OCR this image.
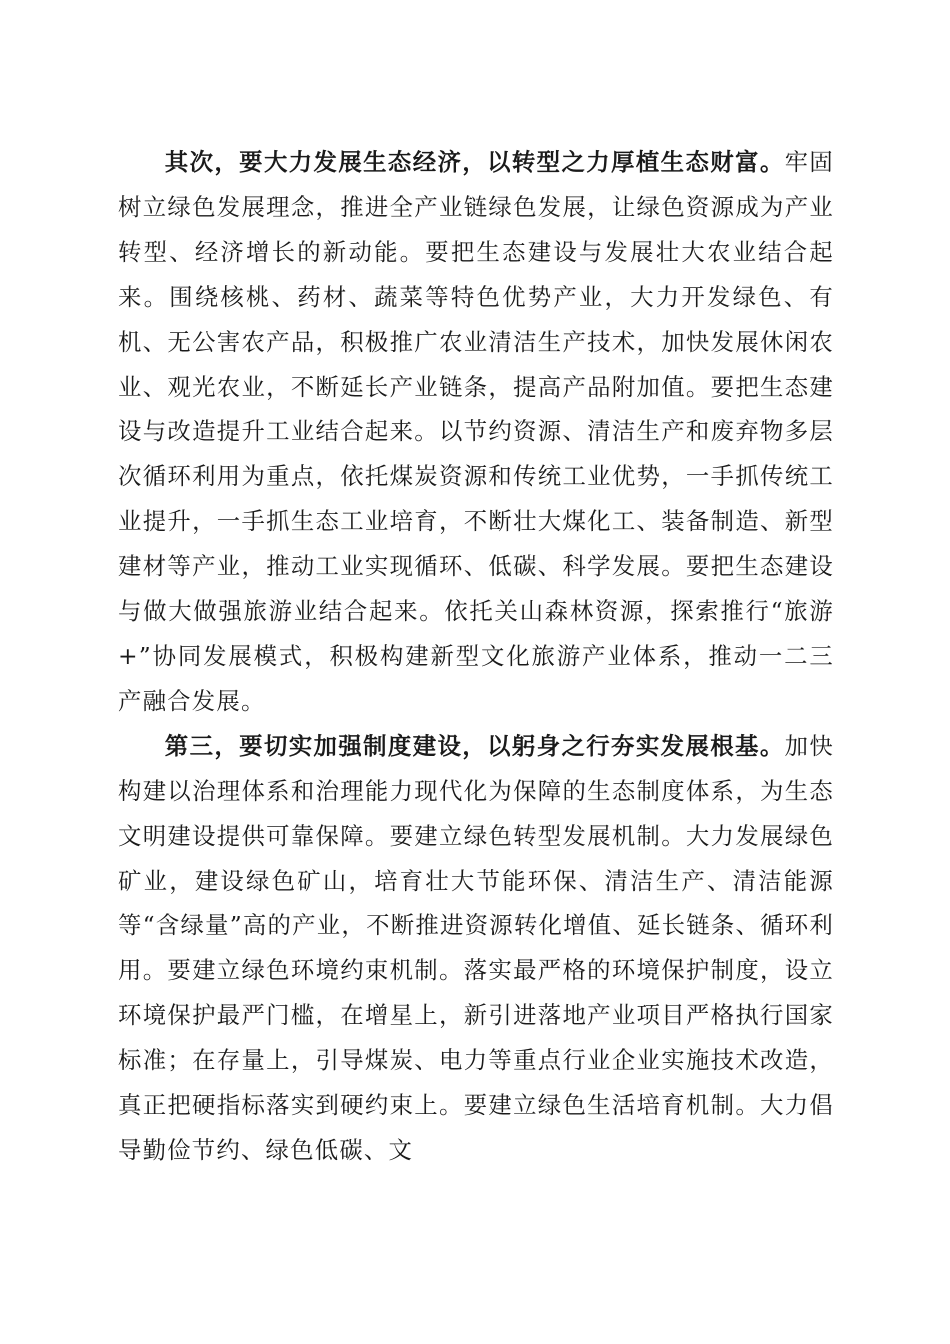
其次，要大力发展生态经济，以转型之力厚植生态财富。牢固树立绿色发展理念，推进全产业链绿色发展，让绿色资源成为产业转型、经济增长的新动能。要把生态建设与发展壮大农业结合起来。围绕核桃、药材、蔬菜等特色优势产业，大力开发绿色、有机、无公害农产品，积极推广农业清洁生产技术，加快发展休闲农业、观光农业，不断延长产业链条，提高产品附加值。要把生态建设与改造提升工业结合起来。以节约资源、清洁生产和废弃物多层次循环利用为重点，依托煤炭资源和传统工业优势，一手抓传统工业提升，一手抓生态工业培育，不断壮大煤化工、装备制造、新型建材等产业，推动工业实现循环、低碳、科学发展。要把生态建设与做大做强旅游业结合起来。依托关山森林资源，探索推行“旅游+”协同发展模式，积极构建新型文化旅游产业体系，推动一二三产融合发展。

第三，要切实加强制度建设，以躬身之行夯实发展根基。加快构建以治理体系和治理能力现代化为保障的生态制度体系，为生态文明建设提供可靠保障。要建立绿色转型发展机制。大力发展绿色矿业，建设绿色矿山，培育壮大节能环保、清洁生产、清洁能源等“含绿量”高的产业，不断推进资源转化增值、延长链条、循环利用。要建立绿色环境约束机制。落实最严格的环境保护制度，设立环境保护最严门槛，在增星上，新引进落地产业项目严格执行国家标准；在存量上，引导煤炭、电力等重点行业企业实施技术改造，真正把硬指标落实到硬约束上。要建立绿色生活培育机制。大力倡导勤俭节约、绿色低碳、文
